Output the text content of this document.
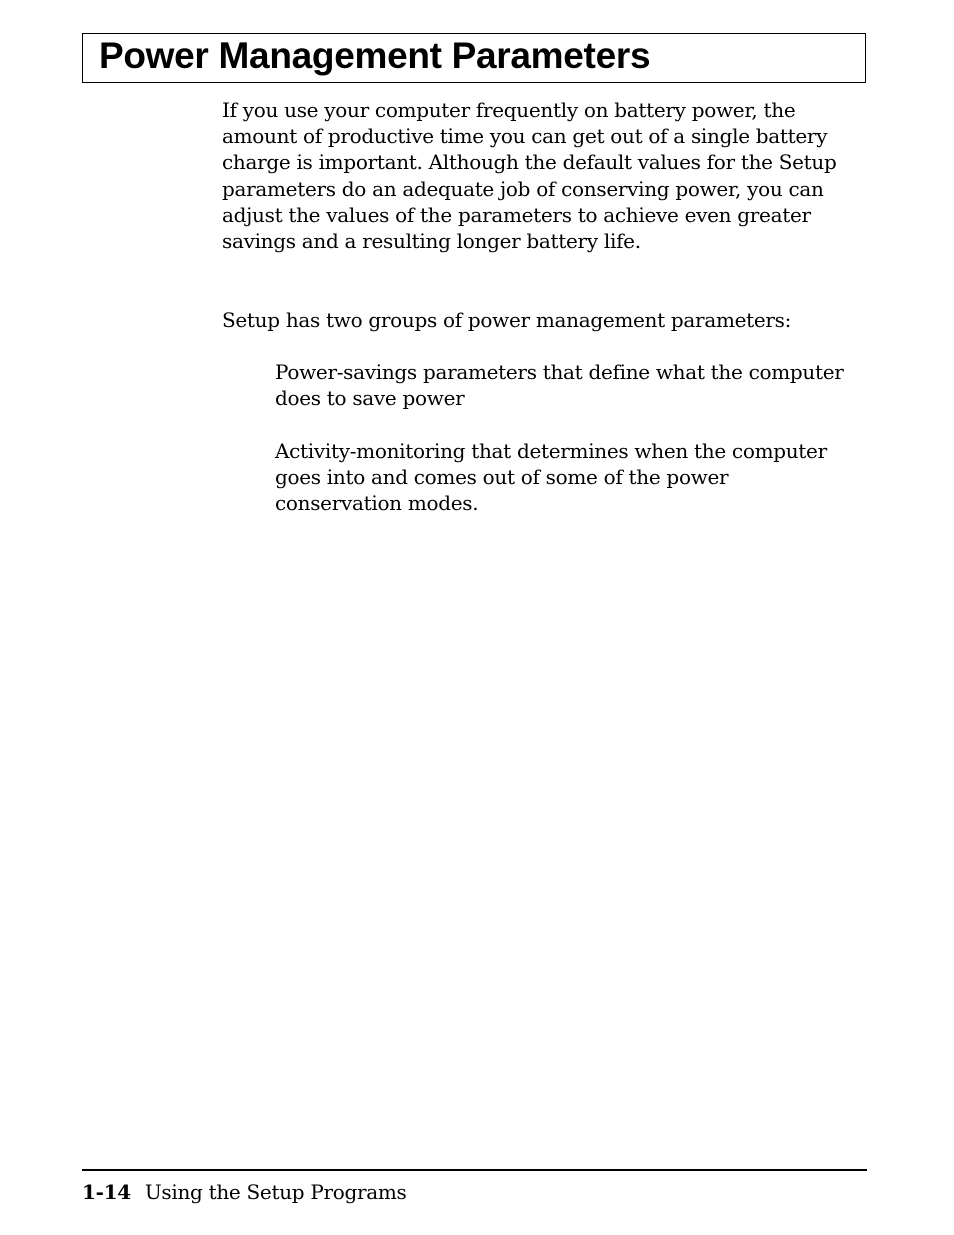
Power Management Parameters

If you use your computer frequently on battery power, the amount of productive time you can get out of a single battery charge is important. Although the default values for the Setup parameters do an adequate job of conserving power, you can adjust the values of the parameters to achieve even greater savings and a resulting longer battery life.

Setup has two groups of power management parameters:

Power-savings parameters that define what the computer does to save power

Activity-monitoring that determines when the computer goes into and comes out of some of the power conservation modes.

1-14 Using the Setup Programs
